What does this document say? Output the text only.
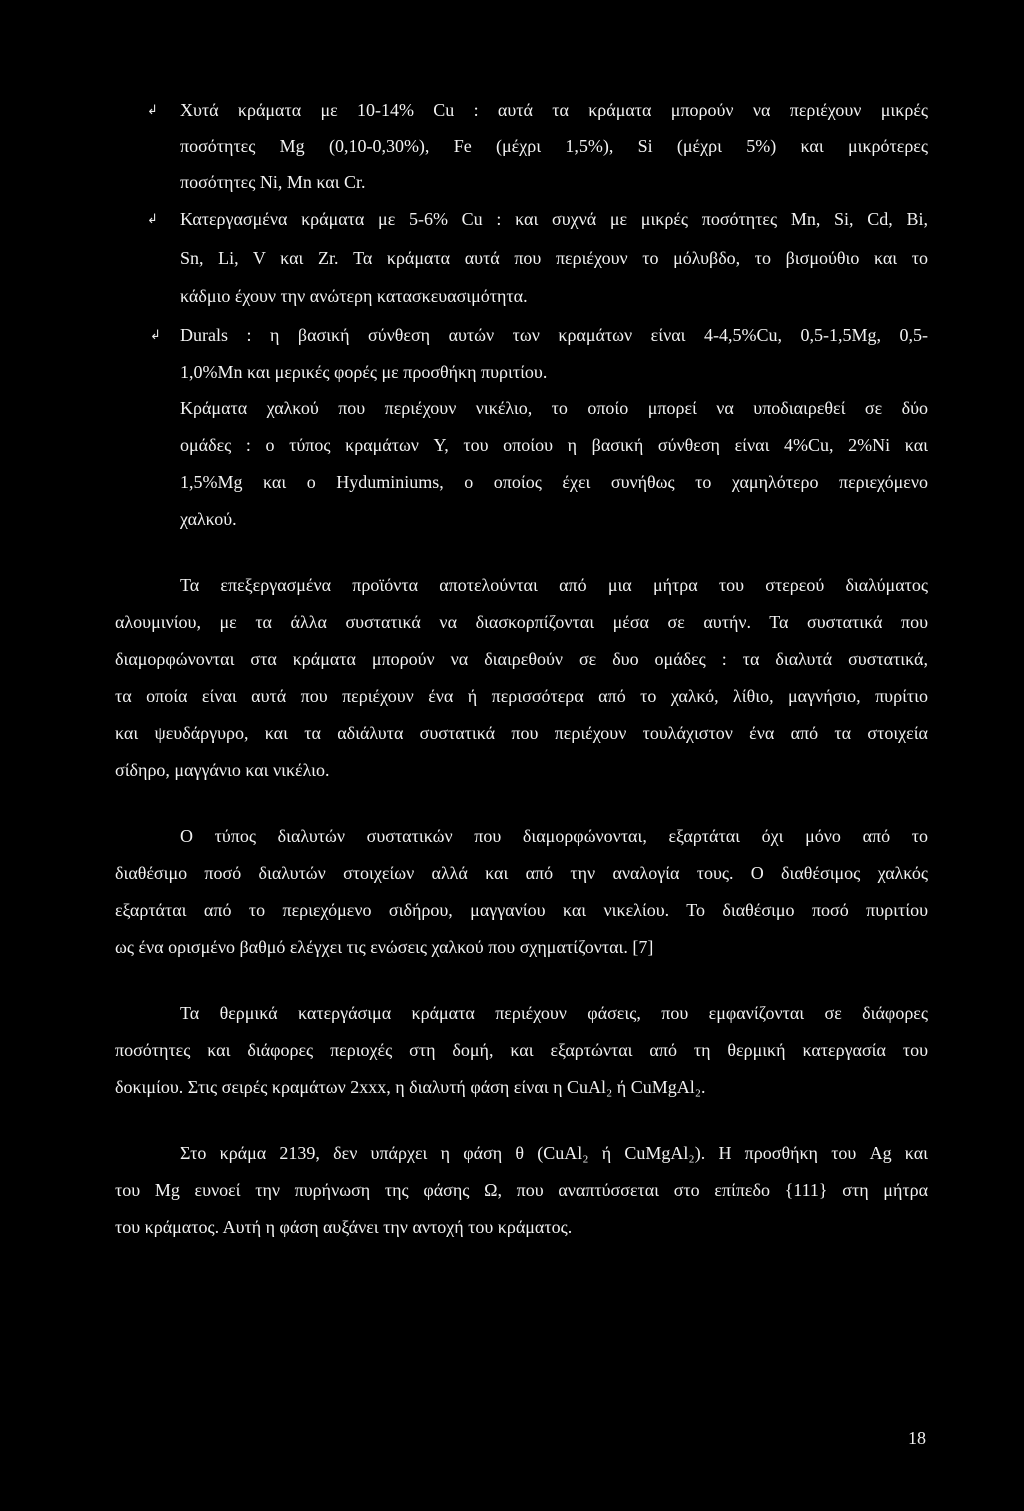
↲ Χυτά κράματα με 10-14% Cu : αυτά τα κράματα μπορούν να περιέχουν μικρές

ποσότητες Mg (0,10-0,30%), Fe (μέχρι 1,5%), Si (μέχρι 5%) και μικρότερες

ποσότητες Ni, Mn και Cr.

↲ Κατεργασμένα κράματα με 5-6% Cu : και συχνά με μικρές ποσότητες Mn, Si, Cd, Bi,

Sn, Li, V και Zr. Τα κράματα αυτά που περιέχουν το μόλυβδο, το βισμούθιο και το

κάδμιο έχουν την ανώτερη κατασκευασιμότητα.

↲ Durals : η βασική σύνθεση αυτών των κραμάτων είναι 4-4,5%Cu, 0,5-1,5Mg, 0,5-

1,0%Mn και μερικές φορές με προσθήκη πυριτίου.

Κράματα χαλκού που περιέχουν νικέλιο, το οποίο μπορεί να υποδιαιρεθεί σε δύο

ομάδες : ο τύπος κραμάτων Y, του οποίου η βασική σύνθεση είναι 4%Cu, 2%Ni και

1,5%Mg και ο Hyduminiums, ο οποίος έχει συνήθως το χαμηλότερο περιεχόμενο

χαλκού.

Τα επεξεργασμένα προϊόντα αποτελούνται από μια μήτρα του στερεού διαλύματος

αλουμινίου, με τα άλλα συστατικά να διασκορπίζονται μέσα σε αυτήν. Τα συστατικά που

διαμορφώνονται στα κράματα μπορούν να διαιρεθούν σε δυο ομάδες : τα διαλυτά συστατικά,

τα οποία είναι αυτά που περιέχουν ένα ή περισσότερα από το χαλκό, λίθιο, μαγνήσιο, πυρίτιο

και ψευδάργυρο, και τα αδιάλυτα συστατικά που περιέχουν τουλάχιστον ένα από τα στοιχεία

σίδηρο, μαγγάνιο και νικέλιο.

Ο τύπος διαλυτών συστατικών που διαμορφώνονται, εξαρτάται όχι μόνο από το

διαθέσιμο ποσό διαλυτών στοιχείων αλλά και από την αναλογία τους. Ο διαθέσιμος χαλκός

εξαρτάται από το περιεχόμενο σιδήρου, μαγγανίου και νικελίου. Το διαθέσιμο ποσό πυριτίου

ως ένα ορισμένο βαθμό ελέγχει τις ενώσεις χαλκού που σχηματίζονται. [7]

Τα θερμικά κατεργάσιμα κράματα περιέχουν φάσεις, που εμφανίζονται σε διάφορες

ποσότητες και διάφορες περιοχές στη δομή, και εξαρτώνται από τη θερμική κατεργασία του

δοκιμίου. Στις σειρές κραμάτων 2xxx, η διαλυτή φάση είναι η CuAl₂ ή CuMgAl₂.

Στο κράμα 2139, δεν υπάρχει η φάση θ (CuAl₂ ή CuMgAl₂). Η προσθήκη του Ag και

του Mg ευνοεί την πυρήνωση της φάσης Ω, που αναπτύσσεται στο επίπεδο {111} στη μήτρα

του κράματος. Αυτή η φάση αυξάνει την αντοχή του κράματος.

18
